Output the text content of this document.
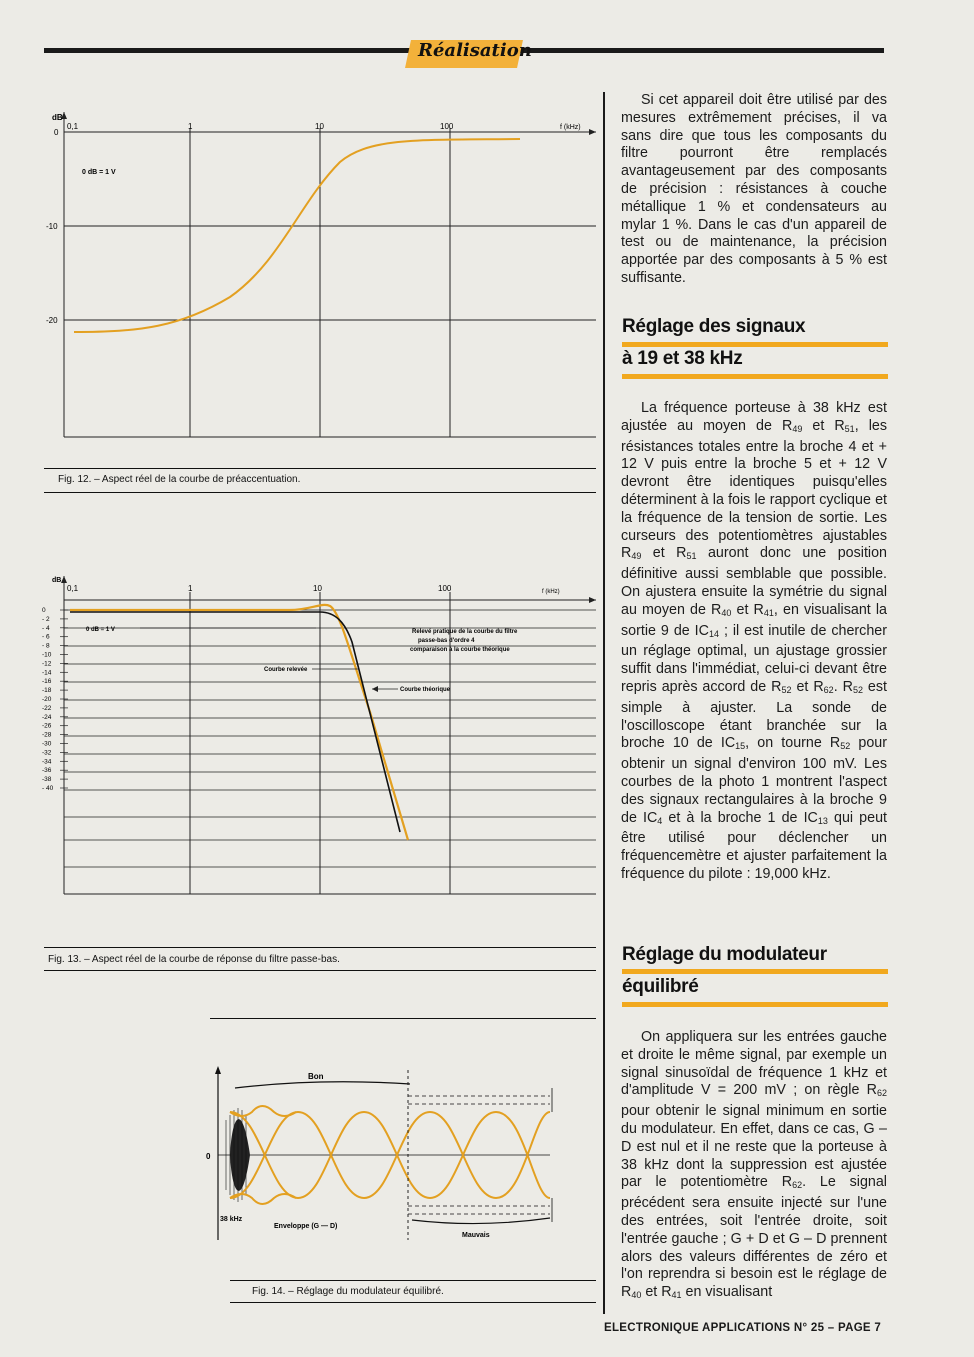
Réalisation
dB
0,1	1	10	100	f (kHz)
0
-10
-20
0 dB = 1 V
Fig. 12. – Aspect réel de la courbe de préaccentuation.
dB
0,1	1	10	100	f (kHz)
0
- 2
- 4
- 6
- 8
-10
-12
-14
-16
-18
-20
-22
-24
-26
-28
-30
-32
-34
-36
-38
- 40
0 dB = 1 V	Relevé pratique de la courbe du filtre
passe-bas d'ordre 4
comparaison à la courbe théorique
Courbe relevée
Courbe théorique
Fig. 13. – Aspect réel de la courbe de réponse du filtre passe-bas.
Bon
0
38 kHz
Enveloppe (G — D)
Mauvais
Fig. 14. – Réglage du modulateur équilibré.
Si cet appareil doit être utilisé par des mesures extrêmement précises, il va sans dire que tous les composants du filtre pourront être remplacés avantageusement par des composants de précision : résistances à couche métallique 1 % et condensateurs au mylar 1 %. Dans le cas d'un appareil de test ou de maintenance, la précision apportée par des composants à 5 % est suffisante.
Réglage des signaux
à 19 et 38 kHz
La fréquence porteuse à 38 kHz est ajustée au moyen de $R_{49}$ et $R_{51}$, les résistances totales entre la broche 4 et + 12 V puis entre la broche 5 et + 12 V devront être identiques puisqu'elles déterminent à la fois le rapport cyclique et la fréquence de la tension de sortie. Les curseurs des potentiomètres ajustables $R_{49}$ et $R_{51}$ auront donc une position définitive aussi semblable que possible. On ajustera ensuite la symétrie du signal au moyen de $R_{40}$ et $R_{41}$, en visualisant la sortie 9 de $IC_{14}$ ; il est inutile de chercher un réglage optimal, un ajustage grossier suffit dans l'immédiat, celui-ci devant être repris après accord de $R_{52}$ et $R_{62}$. $R_{52}$ est simple à ajuster. La sonde de l'oscilloscope étant branchée sur la broche 10 de $IC_{15}$, on tourne $R_{52}$ pour obtenir un signal d'environ 100 mV. Les courbes de la photo 1 montrent l'aspect des signaux rectangulaires à la broche 9 de $IC_4$ et à la broche 1 de $IC_{13}$ qui peut être utilisé pour déclencher un fréquencemètre et ajuster parfaitement la fréquence du pilote : 19,000 kHz.
Réglage du modulateur
équilibré
On appliquera sur les entrées gauche et droite le même signal, par exemple un signal sinusoïdal de fréquence 1 kHz et d'amplitude V = 200 mV ; on règle $R_{62}$ pour obtenir le signal minimum en sortie du modulateur. En effet, dans ce cas, G – D est nul et il ne reste que la porteuse à 38 kHz dont la suppression est ajustée par le potentiomètre $R_{62}$. Le signal précédent sera ensuite injecté sur l'une des entrées, soit l'entrée droite, soit l'entrée gauche ; G + D et G – D prennent alors des valeurs différentes de zéro et l'on reprendra si besoin est le réglage de $R_{40}$ et $R_{41}$ en visualisant
ELECTRONIQUE APPLICATIONS N° 25 – PAGE 7
